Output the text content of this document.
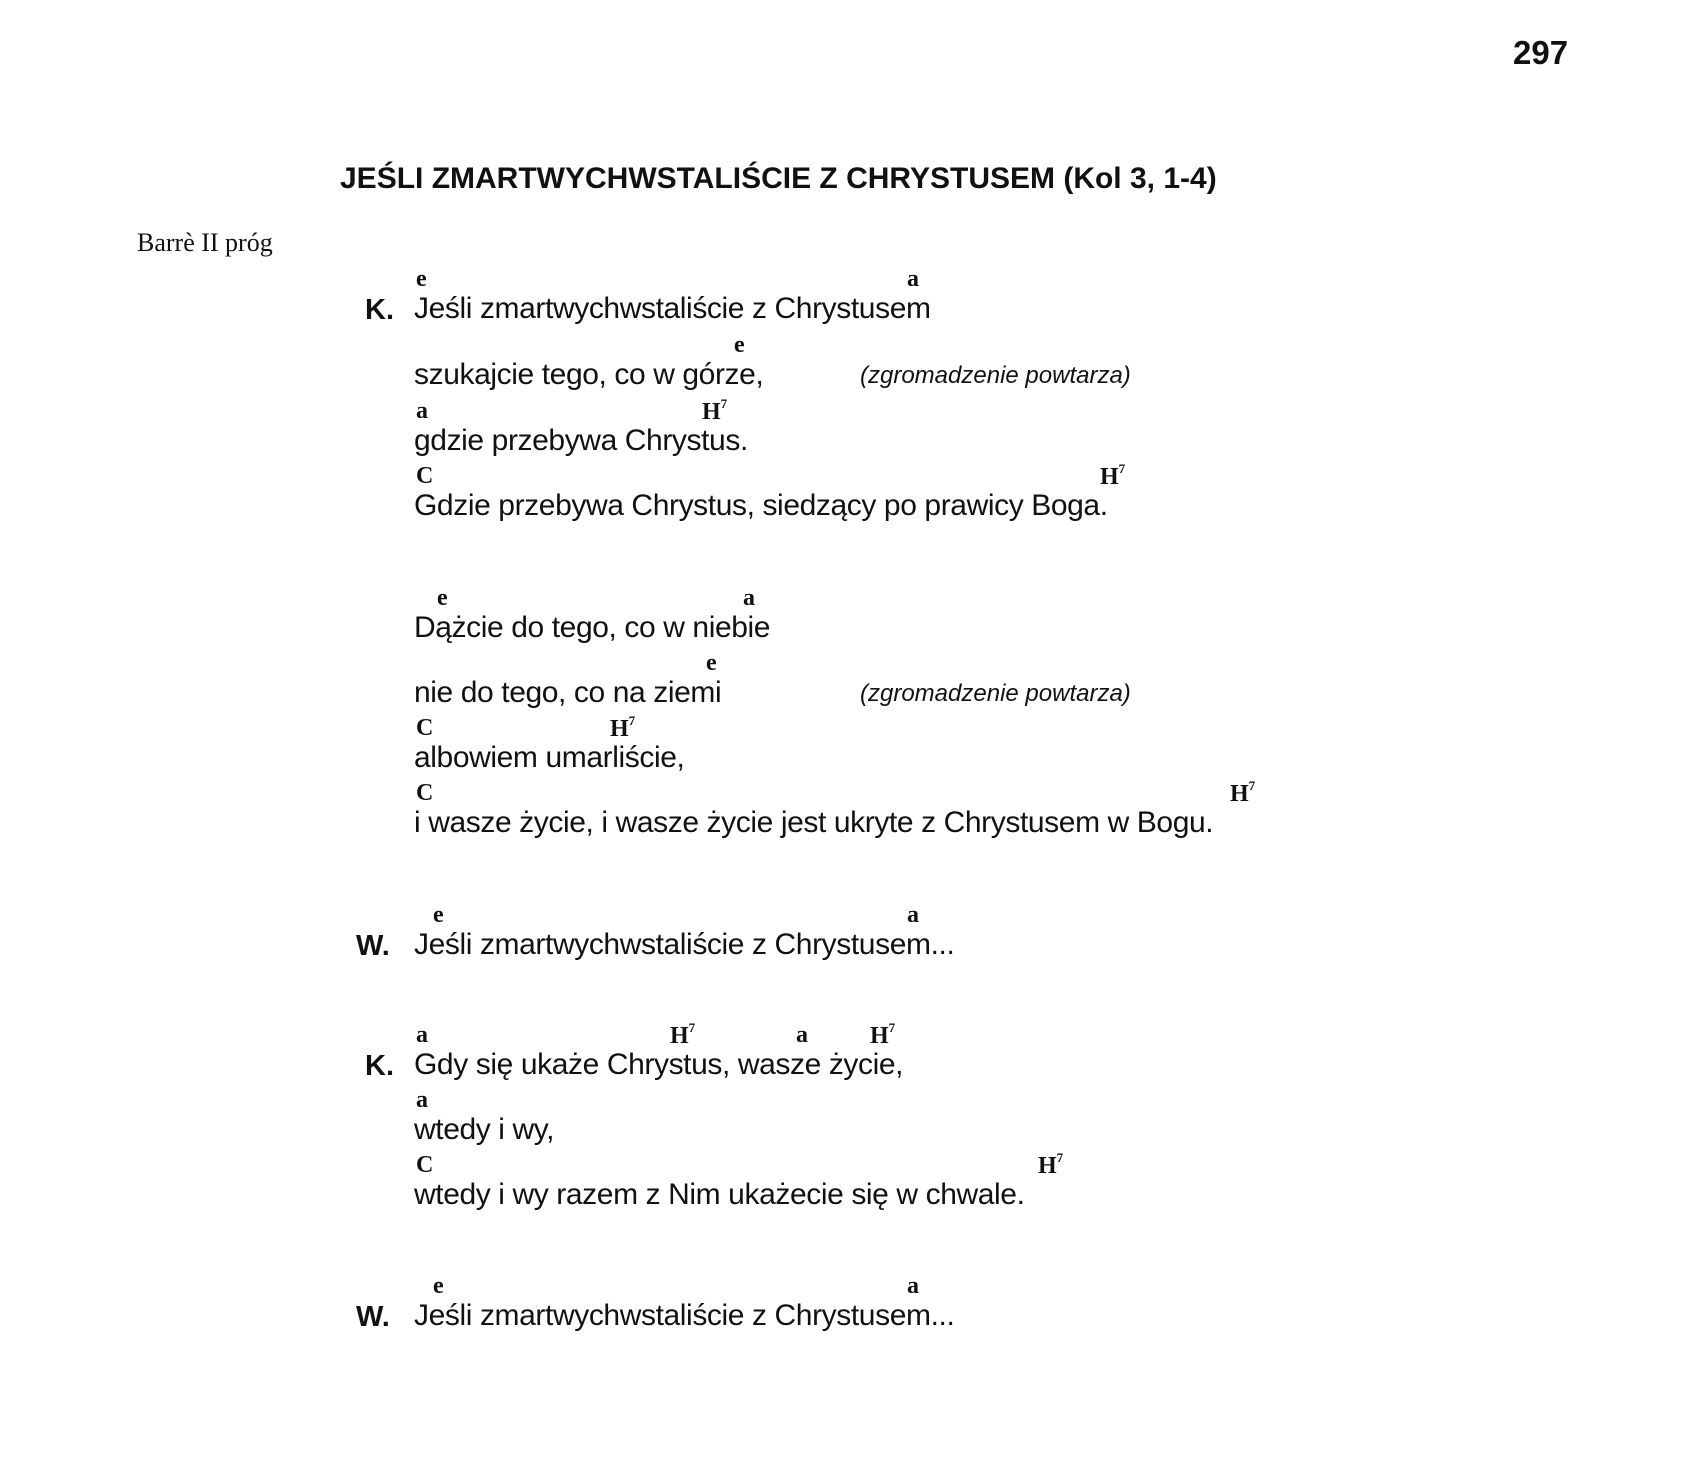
297
JEŚLI ZMARTWYCHWSTALIŚCIE Z CHRYSTUSEM (Kol 3, 1-4)
Barrè II próg
e	a
K. Jeśli zmartwychwstaliście z Chrystusem
e
szukajcie tego, co w górze,	(zgromadzenie powtarza)
a	$H^7$
gdzie przebywa Chrystus.
C	$H^7$
Gdzie przebywa Chrystus, siedzący po prawicy Boga.
e	a
Dążcie do tego, co w niebie
e
nie do tego, co na ziemi	(zgromadzenie powtarza)
C	$H^7$
albowiem umarliście,
C	$H^7$
i wasze życie, i wasze życie jest ukryte z Chrystusem w Bogu.
e	a
W. Jeśli zmartwychwstaliście z Chrystusem...
a	$H^7$	a	$H^7$
K. Gdy się ukaże Chrystus, wasze życie,
a
wtedy i wy,
C	$H^7$
wtedy i wy razem z Nim ukażecie się w chwale.
e	a
W. Jeśli zmartwychwstaliście z Chrystusem...
